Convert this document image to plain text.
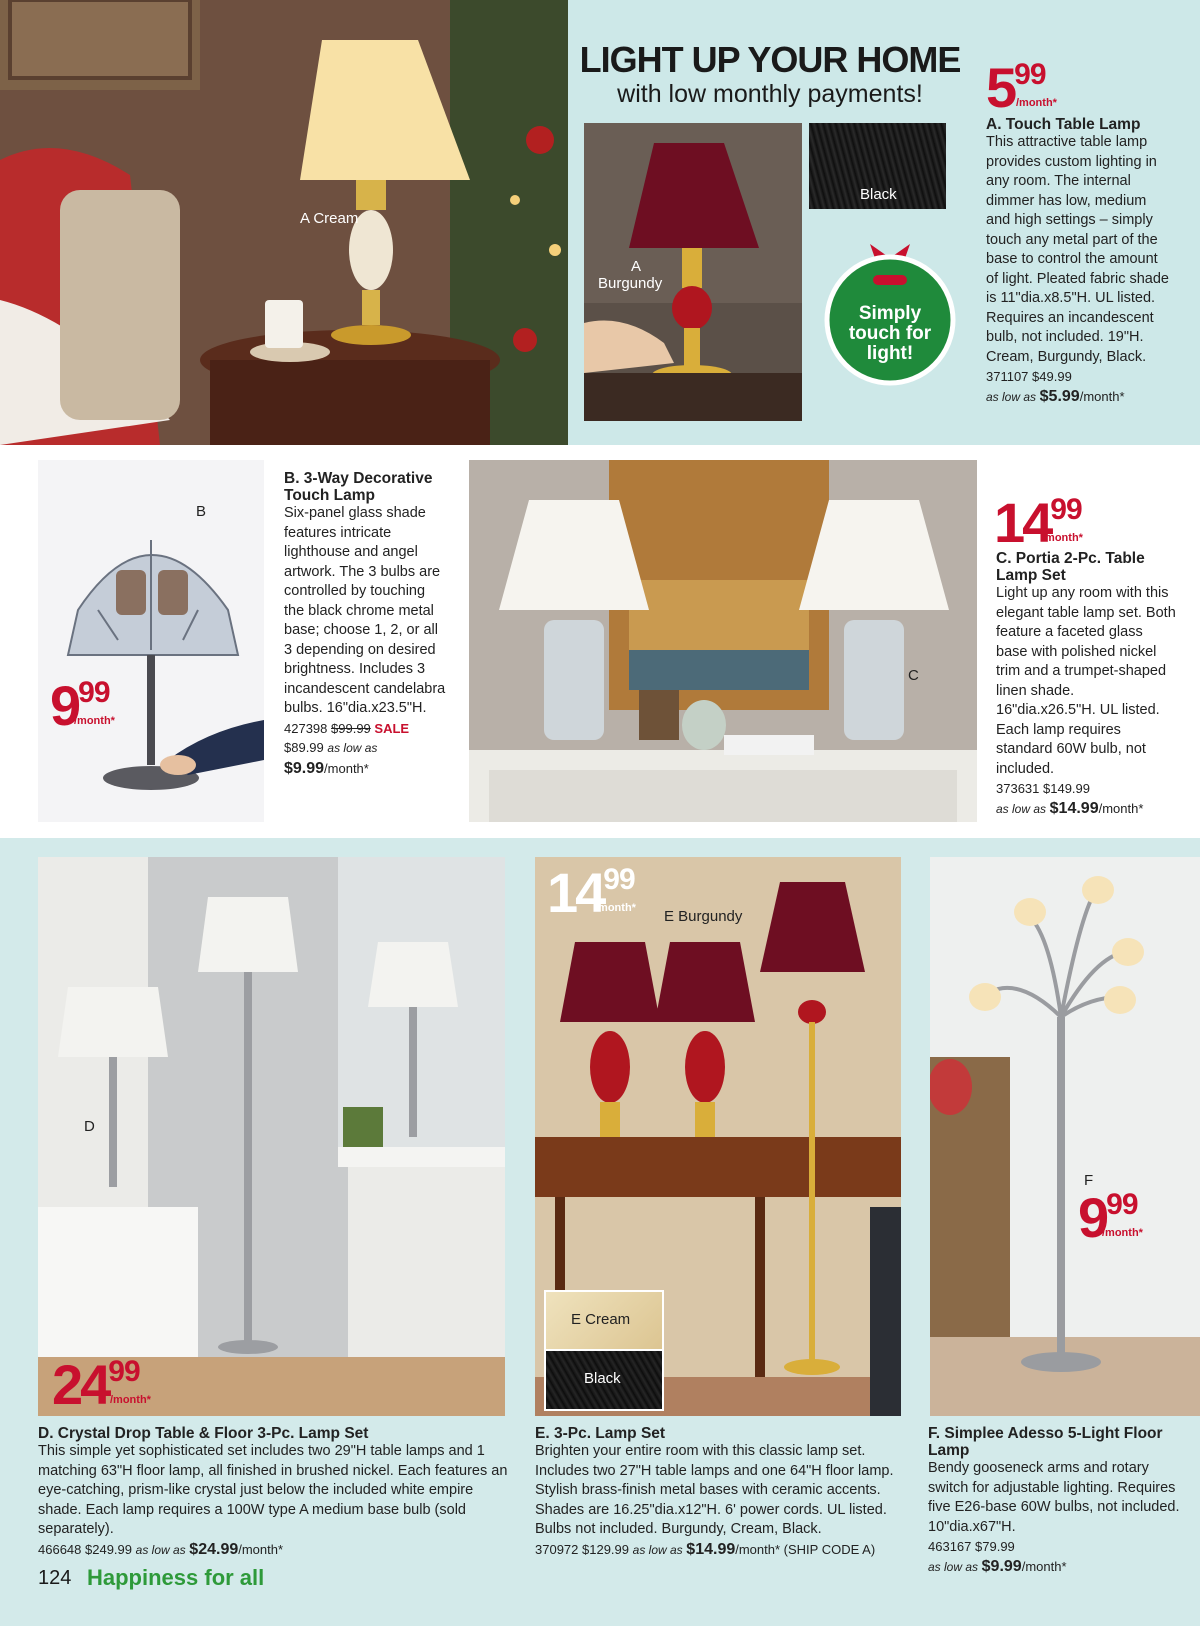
A Cream
LIGHT UP YOUR HOME
with low monthly payments!
A
Burgundy
Black
Simply touch for light!
599
/month*
A. Touch Table Lamp

This attractive table lamp provides custom lighting in any room. The internal dimmer has low, medium and high settings – simply touch any metal part of the base to control the amount of light. Pleated fabric shade is 11"dia.x8.5"H. UL listed. Requires an incandescent bulb, not included. 19"H. Cream, Burgundy, Black.

371107 $49.99
as low as $5.99/month*
B
999
/month*
B. 3-Way Decorative Touch Lamp

Six-panel glass shade features intricate lighthouse and angel artwork. The 3 bulbs are controlled by touching the black chrome metal base; choose 1, 2, or all 3 depending on desired brightness. Includes 3 incandescent candelabra bulbs. 16"dia.x23.5"H.

427398 $99.99 SALE
$89.99 as low as
$9.99/month*
C
1499
/month*
C. Portia 2-Pc. Table Lamp Set

Light up any room with this elegant table lamp set. Both feature a faceted glass base with polished nickel trim and a trumpet-shaped linen shade. 16"dia.x26.5"H. UL listed. Each lamp requires standard 60W bulb, not included.

373631 $149.99
as low as $14.99/month*
D
2499
/month*
D. Crystal Drop Table & Floor 3-Pc. Lamp Set

This simple yet sophisticated set includes two 29"H table lamps and 1 matching 63"H floor lamp, all finished in brushed nickel. Each features an eye-catching, prism-like crystal just below the included white empire shade. Each lamp requires a 100W type A medium base bulb (sold separately).

466648 $249.99 as low as $24.99/month*
E Burgundy
E Cream
Black
1499
/month*
E. 3-Pc. Lamp Set

Brighten your entire room with this classic lamp set. Includes two 27"H table lamps and one 64"H floor lamp. Stylish brass-finish metal bases with ceramic accents. Shades are 16.25"dia.x12"H. 6' power cords. UL listed. Bulbs not included. Burgundy, Cream, Black.

370972 $129.99 as low as $14.99/month* (SHIP CODE A)
F
999
/month*
F. Simplee Adesso 5-Light Floor Lamp

Bendy gooseneck arms and rotary switch for adjustable lighting. Requires five E26-base 60W bulbs, not included. 10"dia.x67"H.

463167 $79.99
as low as $9.99/month*
124 Happiness for all
